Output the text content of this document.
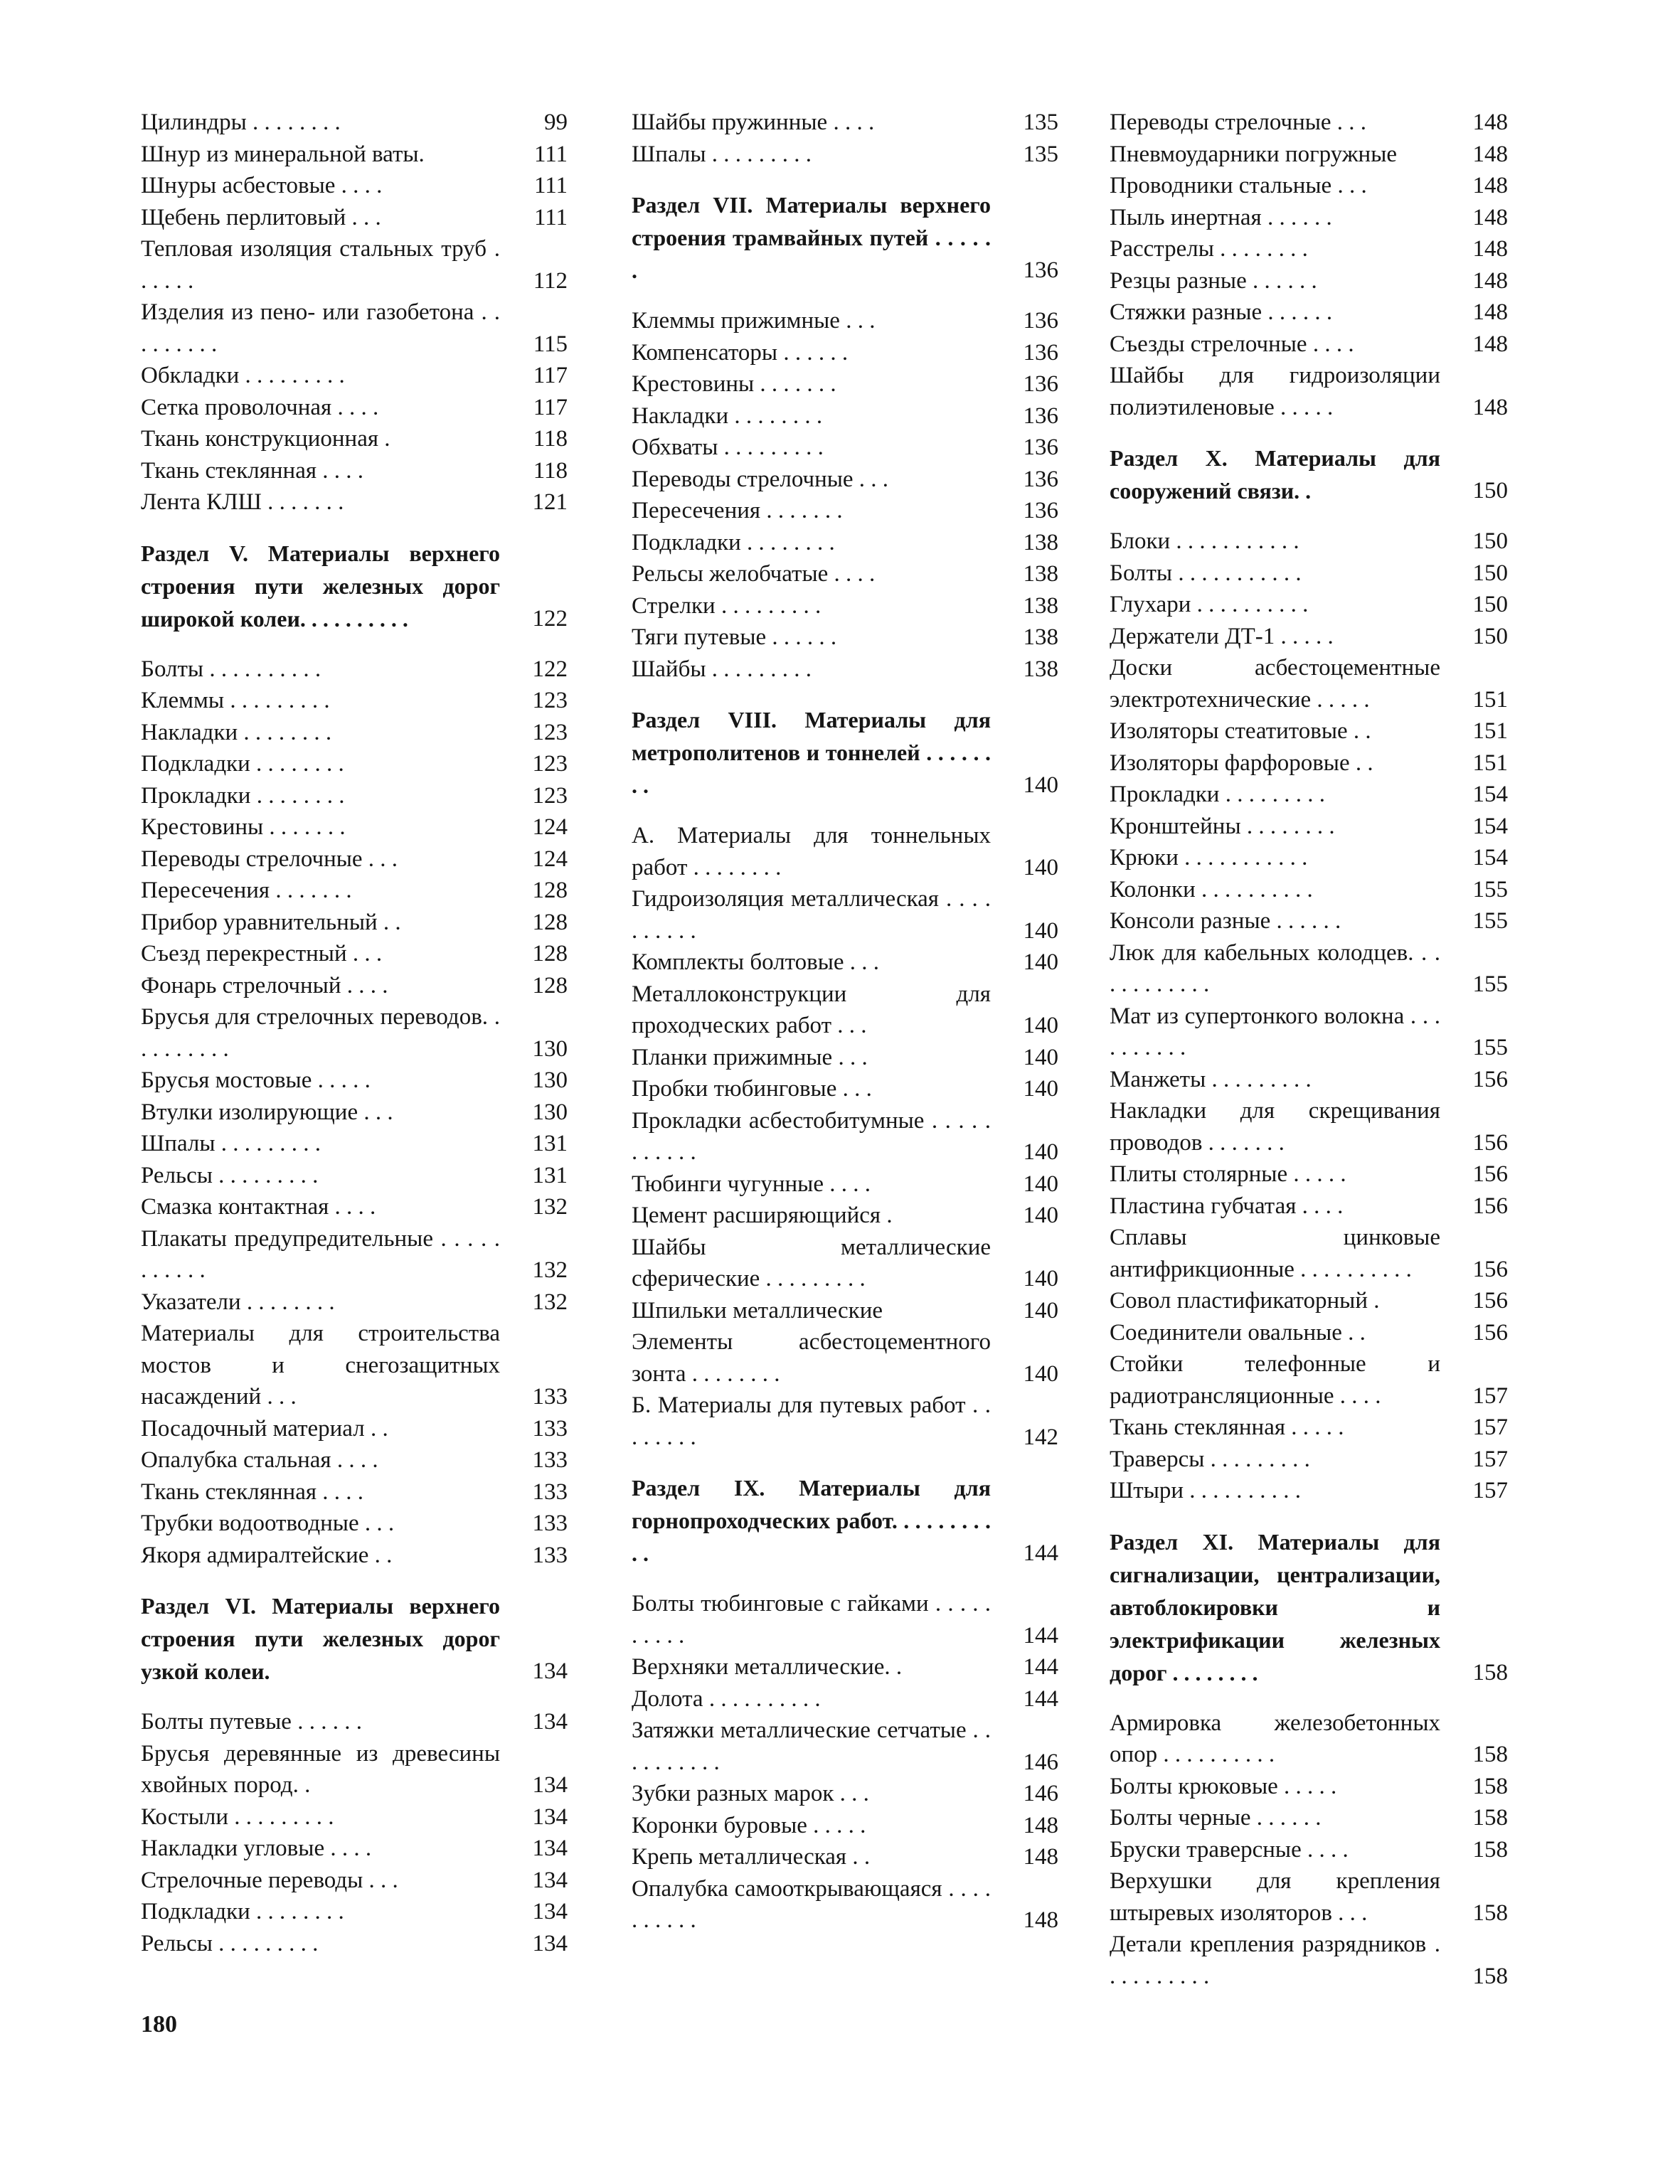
Цилиндры . . . . . . . .	99
Шнур из минеральной ваты.	111
Шнуры асбестовые . . . .	111
Щебень перлитовый . . .	111
Тепловая изоляция стальных труб . . . . . .	112
Изделия из пено- или газобетона . . . . . . . . .	115
Обкладки . . . . . . . . .	117
Сетка проволочная . . . .	117
Ткань конструкционная .	118
Ткань стеклянная . . . .	118
Лента КЛШ . . . . . . .	121
Раздел V. Материалы верхнего строения пути железных дорог широкой колеи. . . . . . . . . .	122
Болты . . . . . . . . . .	122
Клеммы . . . . . . . . .	123
Накладки . . . . . . . .	123
Подкладки . . . . . . . .	123
Прокладки . . . . . . . .	123
Крестовины . . . . . . .	124
Переводы стрелочные . . .	124
Пересечения . . . . . . .	128
Прибор уравнительный . .	128
Съезд перекрестный . . .	128
Фонарь стрелочный . . . .	128
Брусья для стрелочных переводов. . . . . . . . . .	130
Брусья мостовые . . . . .	130
Втулки изолирующие . . .	130
Шпалы . . . . . . . . .	131
Рельсы . . . . . . . . .	131
Смазка контактная . . . .	132
Плакаты предупредительные . . . . . . . . . . .	132
Указатели . . . . . . . .	132
Материалы для строительства мостов и снегозащитных насаждений . . .	133
Посадочный материал . .	133
Опалубка стальная . . . .	133
Ткань стеклянная . . . .	133
Трубки водоотводные . . .	133
Якоря адмиралтейские . .	133
Раздел VI. Материалы верхнего строения пути железных дорог узкой колеи.	134
Болты путевые . . . . . .	134
Брусья деревянные из древесины хвойных пород. .	134
Костыли . . . . . . . . .	134
Накладки угловые . . . .	134
Стрелочные переводы . . .	134
Подкладки . . . . . . . .	134
Рельсы . . . . . . . . .	134
Шайбы пружинные . . . .	135
Шпалы . . . . . . . . .	135
Раздел VII. Материалы верхнего строения трамвайных путей . . . . . .	136
Клеммы прижимные . . .	136
Компенсаторы . . . . . .	136
Крестовины . . . . . . .	136
Накладки . . . . . . . .	136
Обхваты . . . . . . . . .	136
Переводы стрелочные . . .	136
Пересечения . . . . . . .	136
Подкладки . . . . . . . .	138
Рельсы желобчатые . . . .	138
Стрелки . . . . . . . . .	138
Тяги путевые . . . . . .	138
Шайбы . . . . . . . . .	138
Раздел VIII. Материалы для метрополитенов и тоннелей . . . . . . . .	140
А. Материалы для тоннельных работ . . . . . . . .	140
Гидроизоляция металлическая . . . . . . . . . .	140
Комплекты болтовые . . .	140
Металлоконструкции для проходческих работ . . .	140
Планки прижимные . . .	140
Пробки тюбинговые . . .	140
Прокладки асбестобитумные . . . . . . . . . . .	140
Тюбинги чугунные . . . .	140
Цемент расширяющийся .	140
Шайбы металлические сферические . . . . . . . . .	140
Шпильки металлические	140
Элементы асбестоцементного зонта . . . . . . . .	140
Б. Материалы для путевых работ . . . . . . . .	142
Раздел IX. Материалы для горнопроходческих работ. . . . . . . . . . .	144
Болты тюбинговые с гайками . . . . . . . . . .	144
Верхняки металлические. .	144
Долота . . . . . . . . . .	144
Затяжки металлические сетчатые . . . . . . . . . .	146
Зубки разных марок . . .	146
Коронки буровые . . . . .	148
Крепь металлическая . .	148
Опалубка самооткрывающаяся . . . . . . . . . .	148
Переводы стрелочные . . .	148
Пневмоударники погружные	148
Проводники стальные . . .	148
Пыль инертная . . . . . .	148
Расстрелы . . . . . . . .	148
Резцы разные . . . . . .	148
Стяжки разные . . . . . .	148
Съезды стрелочные . . . .	148
Шайбы для гидроизоляции полиэтиленовые . . . . .	148
Раздел X. Материалы для сооружений связи. .	150
Блоки . . . . . . . . . . .	150
Болты . . . . . . . . . . .	150
Глухари . . . . . . . . . .	150
Держатели ДТ-1 . . . . .	150
Доски асбестоцементные электротехнические . . . . .	151
Изоляторы стеатитовые . .	151
Изоляторы фарфоровые . .	151
Прокладки . . . . . . . . .	154
Кронштейны . . . . . . . .	154
Крюки . . . . . . . . . . .	154
Колонки . . . . . . . . . .	155
Консоли разные . . . . . .	155
Люк для кабельных колодцев. . . . . . . . . . . .	155
Мат из супертонкого волокна . . . . . . . . . .	155
Манжеты . . . . . . . . .	156
Накладки для скрещивания проводов . . . . . . .	156
Плиты столярные . . . . .	156
Пластина губчатая . . . .	156
Сплавы цинковые антифрикционные . . . . . . . . . .	156
Совол пластификаторный .	156
Соединители овальные . .	156
Стойки телефонные и радиотрансляционные . . . .	157
Ткань стеклянная . . . . .	157
Траверсы . . . . . . . . .	157
Штыри . . . . . . . . . .	157
Раздел XI. Материалы для сигнализации, централизации, автоблокировки и электрификации железных дорог . . . . . . . .	158
Армировка железобетонных опор . . . . . . . . . .	158
Болты крюковые . . . . .	158
Болты черные . . . . . .	158
Бруски траверсные . . . .	158
Верхушки для крепления штыревых изоляторов . . .	158
Детали крепления разрядников . . . . . . . . . .	158
180
